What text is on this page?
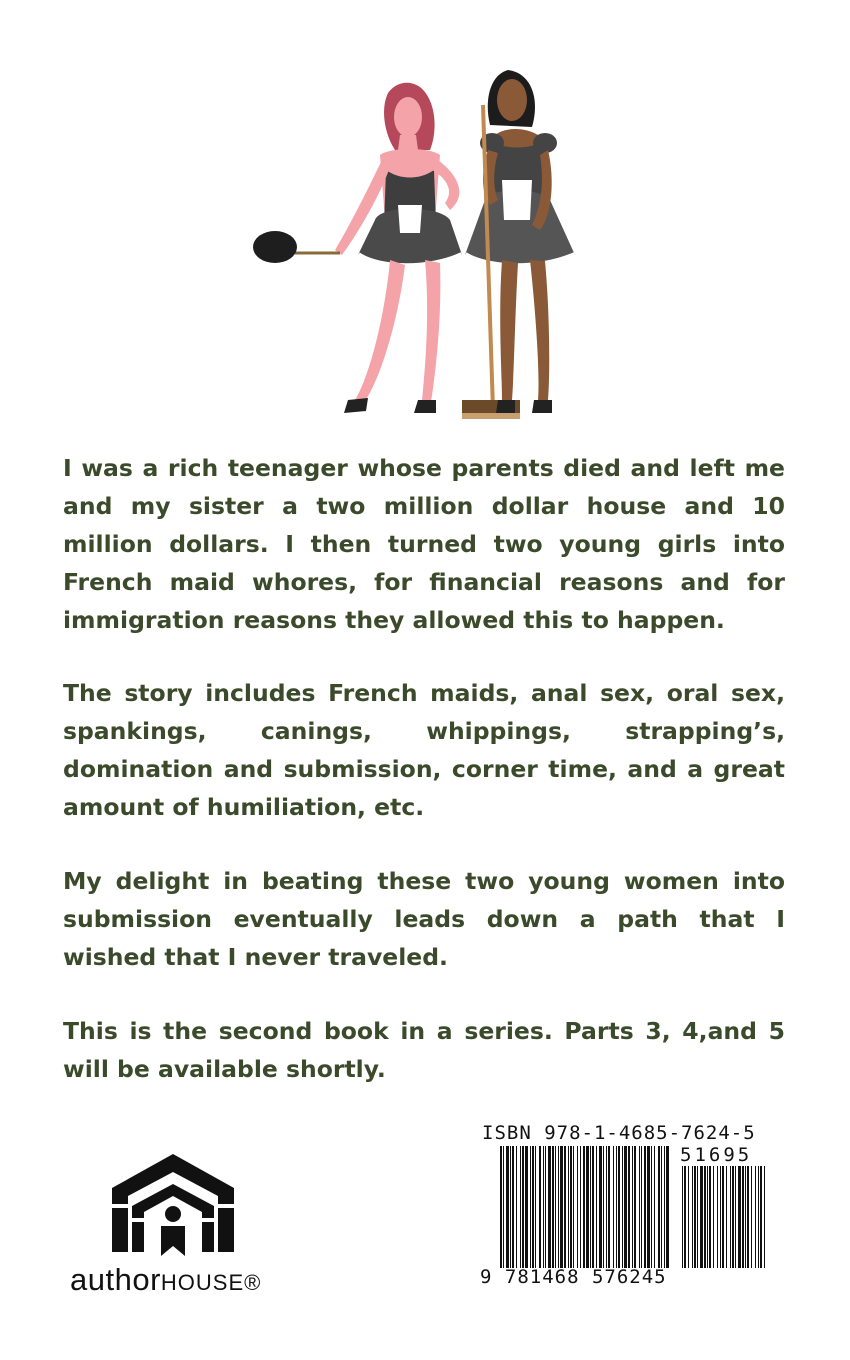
I was a rich teenager whose parents died and left me and my sister a two million dollar house and 10 million dollars. I then turned two young girls into French maid whores, for financial reasons and for immigration reasons they allowed this to happen.

The story includes French maids, anal sex, oral sex, spankings, canings, whippings, strapping’s, domination and submission, corner time, and a great amount of humiliation, etc.

My delight in beating these two young women into submission eventually leads down a path that I wished that I never traveled.

This is the second book in a series. Parts 3, 4,and 5 will be available shortly.

authorHOUSE®
ISBN 978-1-4685-7624-5
51695
9 781468 576245
